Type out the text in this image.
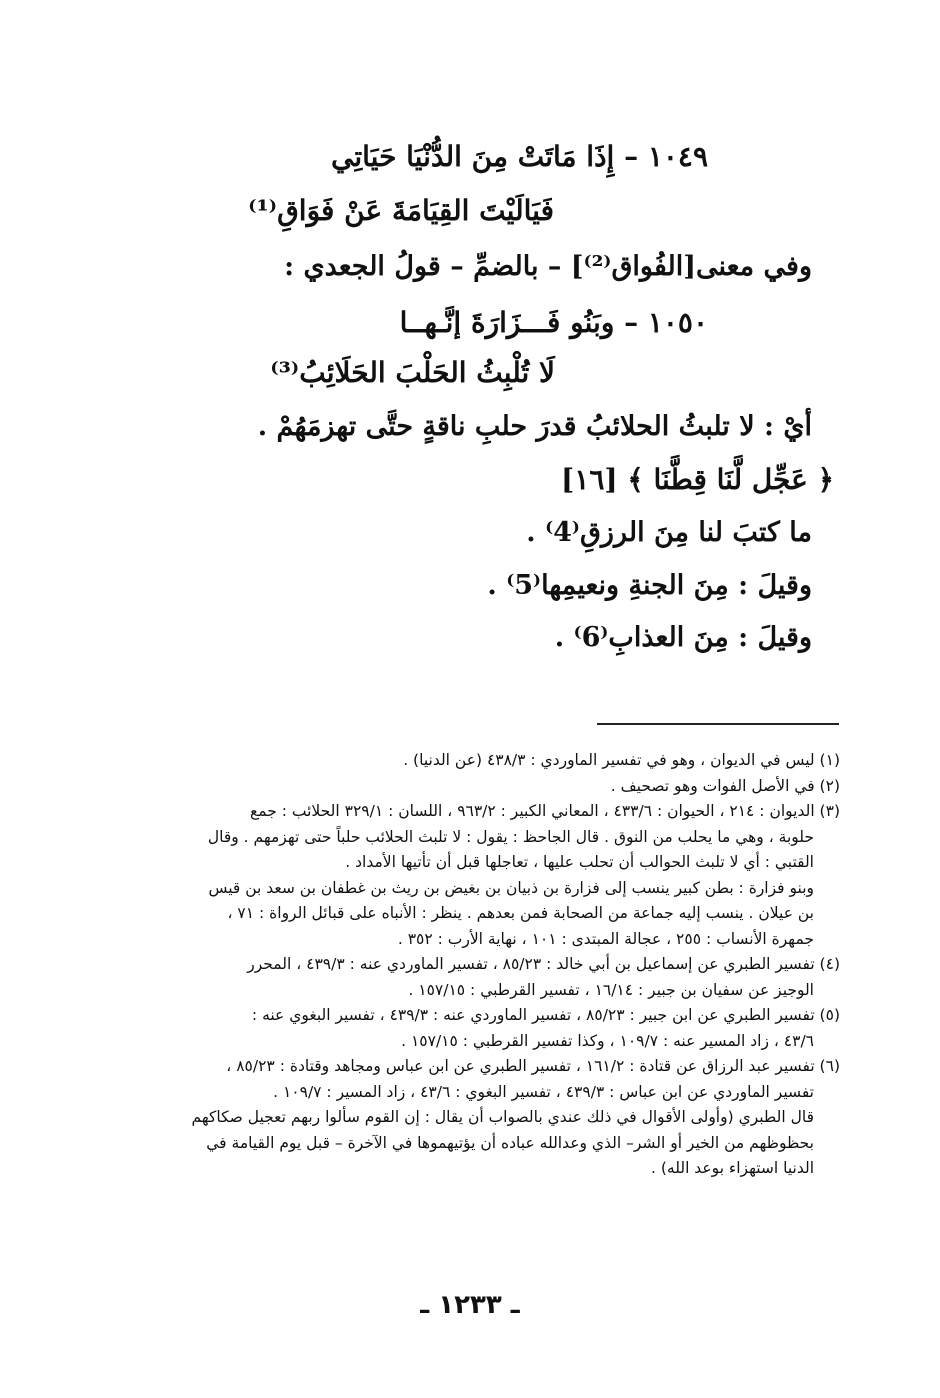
١٠٤٩ – إِذَا مَاتَتْ مِنَ الدُّنْيَا حَيَاتِي
فَيَالَيْتَ القِيَامَةَ عَنْ فَوَاقِ⁽¹⁾
وفي معنى[الفُواق⁽²⁾] – بالضمِّ – قولُ الجعدي :
١٠٥٠ – وبَنُو فَـــزَارَةَ إنَّـهــا
لَا تُلْبِثُ الحَلْبَ الحَلَائِبُ⁽³⁾
أيْ : لا تلبثُ الحلائبُ قدرَ حلبِ ناقةٍ حتَّى تهزمَهُمْ .
﴿ عَجِّل لَّنَا قِطَّنَا ﴾ [١٦]
ما كتبَ لنا مِنَ الرزقِ⁽4⁾ .
وقيلَ : مِنَ الجنةِ ونعيمِها⁽5⁾ .
وقيلَ : مِنَ العذابِ⁽6⁾ .
(١) ليس في الديوان ، وهو في تفسير الماوردي : ٤٣٨/٣ (عن الدنيا) .
(٢) في الأصل الفوات وهو تصحيف .
(٣) الديوان : ٢١٤ ، الحيوان : ٤٣٣/٦ ، المعاني الكبير : ٩٦٣/٢ ، اللسان : ٣٢٩/١ الحلائب : جمع
حلوبة ، وهي ما يحلب من النوق . قال الجاحظ : يقول : لا تلبث الحلائب حلباً حتى تهزمهم . وقال
القتبي : أي لا تلبث الحوالب أن تحلب عليها ، تعاجلها قبل أن تأتيها الأمداد .
وبنو فزارة : بطن كبير ينسب إلى فزارة بن ذبيان بن بغيض بن ريث بن غطفان بن سعد بن قيس
بن عيلان . ينسب إليه جماعة من الصحابة فمن بعدهم . ينظر : الأنباه على قبائل الرواة : ٧١ ،
جمهرة الأنساب : ٢٥٥ ، عجالة المبتدى : ١٠١ ، نهاية الأرب : ٣٥٢ .
(٤) تفسير الطبري عن إسماعيل بن أبي خالد : ٨٥/٢٣ ، تفسير الماوردي عنه : ٤٣٩/٣ ، المحرر
الوجيز عن سفيان بن جبير : ١٦/١٤ ، تفسير القرطبي : ١٥٧/١٥ .
(٥) تفسير الطبري عن ابن جبير : ٨٥/٢٣ ، تفسير الماوردي عنه : ٤٣٩/٣ ، تفسير البغوي عنه :
٤٣/٦ ، زاد المسير عنه : ١٠٩/٧ ، وكذا تفسير القرطبي : ١٥٧/١٥ .
(٦) تفسير عبد الرزاق عن قتادة : ١٦١/٢ ، تفسير الطبري عن ابن عباس ومجاهد وقتادة : ٨٥/٢٣ ،
تفسير الماوردي عن ابن عباس : ٤٣٩/٣ ، تفسير البغوي : ٤٣/٦ ، زاد المسير : ١٠٩/٧ .
قال الطبري (وأولى الأقوال في ذلك عندي بالصواب أن يقال : إن القوم سألوا ربهم تعجيل صكاكهم
بحظوظهم من الخير أو الشر– الذي وعدالله عباده أن يؤتيهموها في الآخرة – قبل يوم القيامة في
الدنيا استهزاء بوعد الله) .
ـ ١٢٣٣ ـ
